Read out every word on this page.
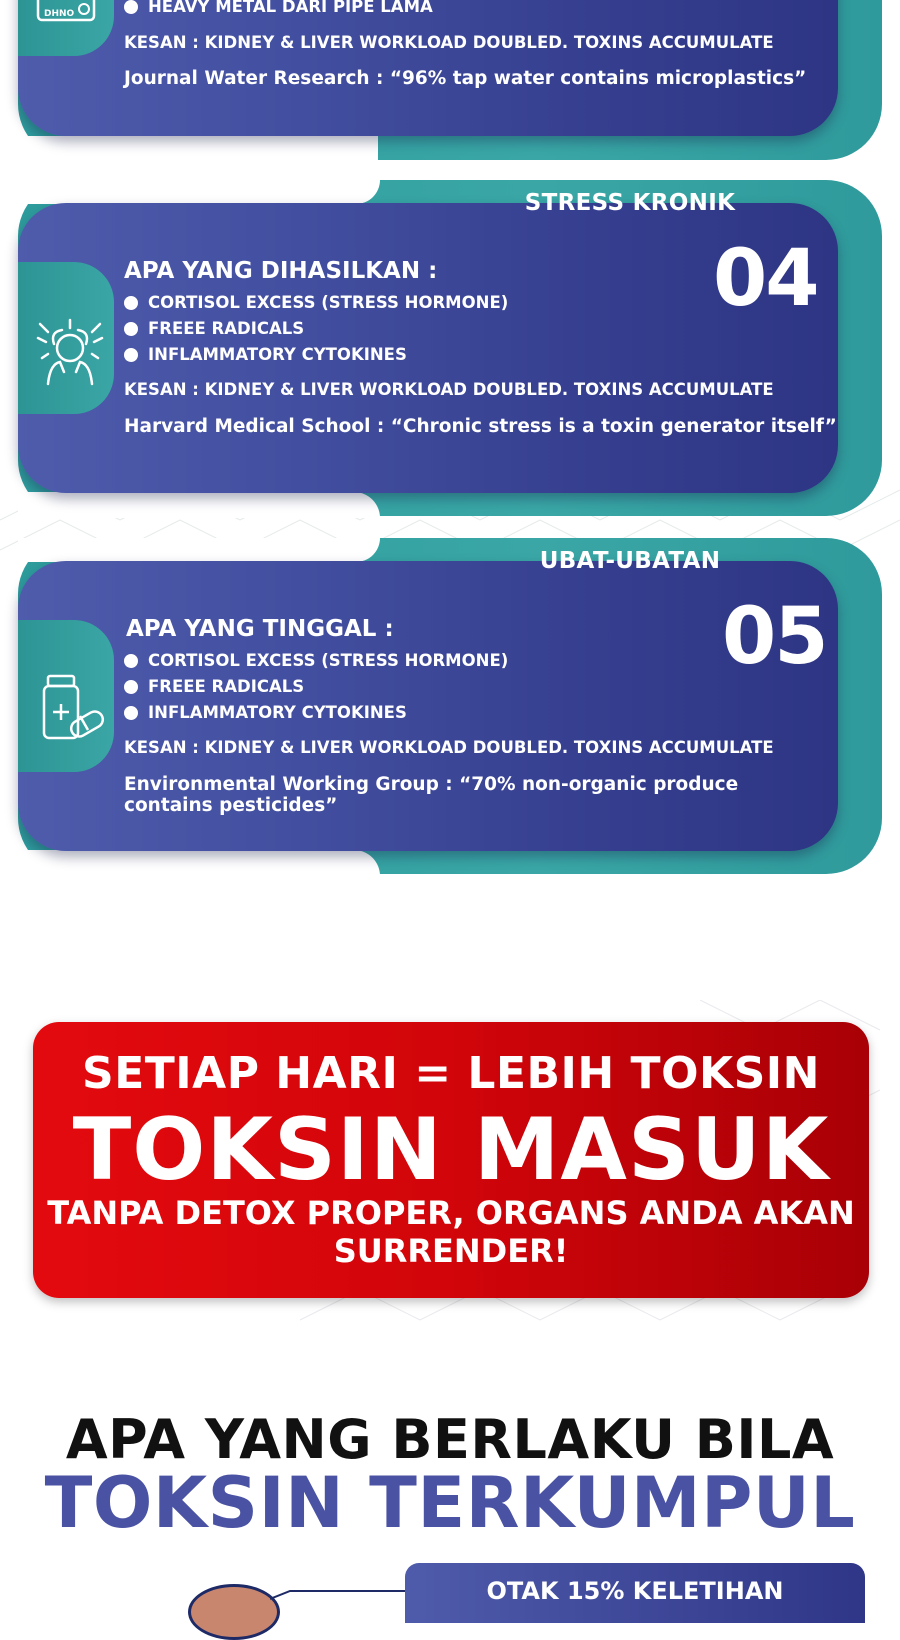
DHNO	HEAVY METAL DARI PIPE LAMA
KESAN : KIDNEY & LIVER WORKLOAD DOUBLED. TOXINS ACCUMULATE
Journal Water Research : “96% tap water contains microplastics”
STRESS KRONIK
04
APA YANG DIHASILKAN :
CORTISOL EXCESS (STRESS HORMONE)
FREEE RADICALS
INFLAMMATORY CYTOKINES
KESAN : KIDNEY & LIVER WORKLOAD DOUBLED. TOXINS ACCUMULATE
Harvard Medical School : “Chronic stress is a toxin generator itself”
UBAT-UBATAN
05
APA YANG TINGGAL :
CORTISOL EXCESS (STRESS HORMONE)
FREEE RADICALS
INFLAMMATORY CYTOKINES
KESAN : KIDNEY & LIVER WORKLOAD DOUBLED. TOXINS ACCUMULATE
Environmental Working Group : “70% non-organic produce contains pesticides”
SETIAP HARI = LEBIH TOKSIN
TOKSIN MASUK
TANPA DETOX PROPER, ORGANS ANDA AKAN SURRENDER!
APA YANG BERLAKU BILA
TOKSIN TERKUMPUL
OTAK 15% KELETIHAN
